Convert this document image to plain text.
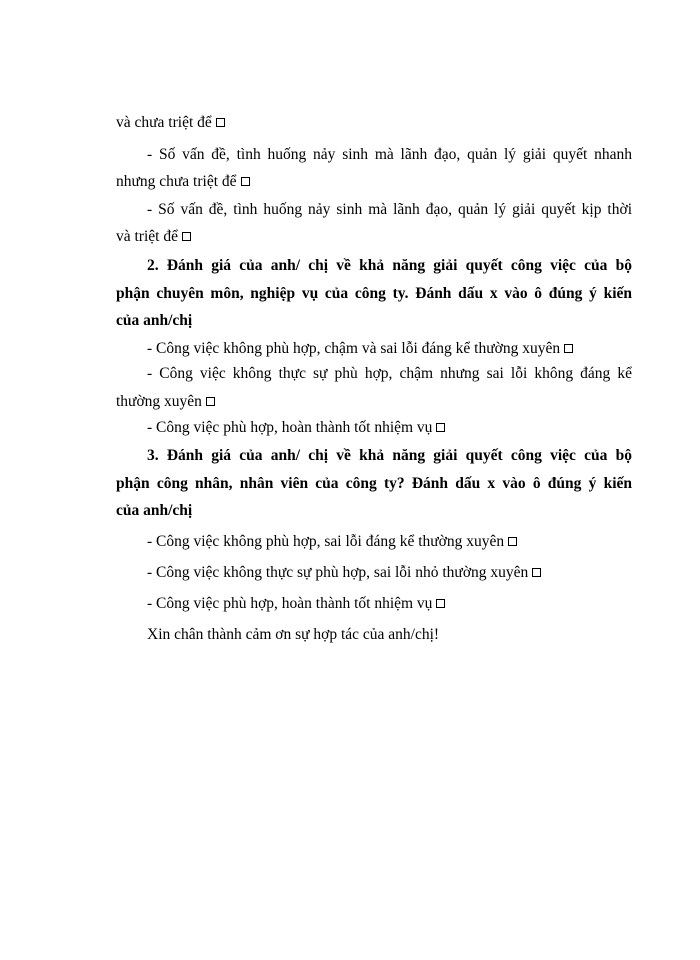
và chưa triệt để
- Số vấn đề, tình huống nảy sinh mà lãnh đạo, quản lý giải quyết nhanh
nhưng chưa triệt để
- Số vấn đề, tình huống nảy sinh mà lãnh đạo, quản lý giải quyết kịp thời
và triệt để
2. Đánh giá của anh/ chị về khả năng giải quyết công việc của bộ
phận chuyên môn, nghiệp vụ của công ty. Đánh dấu x vào ô đúng ý kiến
của anh/chị
- Công việc không phù hợp, chậm và sai lỗi đáng kể thường xuyên
- Công việc không thực sự phù hợp, chậm nhưng sai lỗi không đáng kể
thường xuyên
- Công việc phù hợp, hoàn thành tốt nhiệm vụ
3. Đánh giá của anh/ chị về khả năng giải quyết công việc của bộ
phận công nhân, nhân viên của công ty? Đánh dấu x vào ô đúng ý kiến
của anh/chị
- Công việc không phù hợp, sai lỗi đáng kể thường xuyên
- Công việc không thực sự phù hợp, sai lỗi nhỏ thường xuyên
- Công việc phù hợp, hoàn thành tốt nhiệm vụ
Xin chân thành cảm ơn sự hợp tác của anh/chị!
